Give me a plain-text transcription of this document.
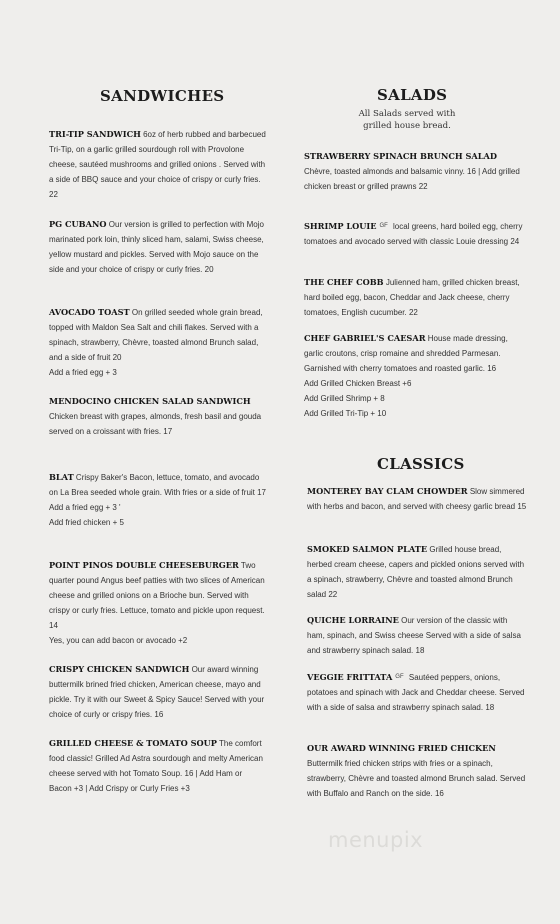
SANDWICHES
TRI-TIP SANDWICH 6oz of herb rubbed and barbecued Tri-Tip, on a garlic grilled sourdough roll with Provolone cheese, sautéed mushrooms and grilled onions . Served with a side of BBQ sauce and your choice of crispy or curly fries. 22
PG CUBANO Our version is grilled to perfection with Mojo marinated pork loin, thinly sliced ham, salami, Swiss cheese, yellow mustard and pickles. Served with Mojo sauce on the side and your choice of crispy or curly fries. 20
AVOCADO TOAST On grilled seeded whole grain bread, topped with Maldon Sea Salt and chili flakes. Served with a spinach, strawberry, Chèvre, toasted almond Brunch salad, and a side of fruit 20
Add a fried egg + 3
MENDOCINO CHICKEN SALAD SANDWICH Chicken breast with grapes, almonds, fresh basil and gouda served on a croissant with fries. 17
BLAT Crispy Baker's Bacon, lettuce, tomato, and avocado on La Brea seeded whole grain. With fries or a side of fruit 17
Add a fried egg + 3 '
Add fried chicken + 5
POINT PINOS DOUBLE CHEESEBURGER Two quarter pound Angus beef patties with two slices of American cheese and grilled onions on a Brioche bun. Served with crispy or curly fries. Lettuce, tomato and pickle upon request. 14
Yes, you can add bacon or avocado +2
CRISPY CHICKEN SANDWICH Our award winning buttermilk brined fried chicken, American cheese, mayo and pickle. Try it with our Sweet & Spicy Sauce! Served with your choice of curly or crispy fries. 16
GRILLED CHEESE & TOMATO SOUP The comfort food classic! Grilled Ad Astra sourdough and melty American cheese served with hot Tomato Soup. 16 | Add Ham or Bacon +3 | Add Crispy or Curly Fries +3
SALADS
All Salads served with grilled house bread.
STRAWBERRY SPINACH BRUNCH SALAD Chèvre, toasted almonds and balsamic vinny. 16 | Add grilled chicken breast or grilled prawns 22
SHRIMP LOUIE $^{GF}$ local greens, hard boiled egg, cherry tomatoes and avocado served with classic Louie dressing 24
THE CHEF COBB Julienned ham, grilled chicken breast, hard boiled egg, bacon, Cheddar and Jack cheese, cherry tomatoes, English cucumber. 22
CHEF GABRIEL'S CAESAR House made dressing, garlic croutons, crisp romaine and shredded Parmesan. Garnished with cherry tomatoes and roasted garlic. 16
Add Grilled Chicken Breast +6
Add Grilled Shrimp + 8
Add Grilled Tri-Tip + 10
CLASSICS
MONTEREY BAY CLAM CHOWDER Slow simmered with herbs and bacon, and served with cheesy garlic bread 15
SMOKED SALMON PLATE Grilled house bread, herbed cream cheese, capers and pickled onions served with a spinach, strawberry, Chèvre and toasted almond Brunch salad 22
QUICHE LORRAINE Our version of the classic with ham, spinach, and Swiss cheese Served with a side of salsa and strawberry spinach salad. 18
VEGGIE FRITTATA $^{GF}$ Sautéed peppers, onions, potatoes and spinach with Jack and Cheddar cheese. Served with a side of salsa and strawberry spinach salad. 18
OUR AWARD WINNING FRIED CHICKEN Buttermilk fried chicken strips with fries or a spinach, strawberry, Chèvre and toasted almond Brunch salad. Served with Buffalo and Ranch on the side. 16
menupix
